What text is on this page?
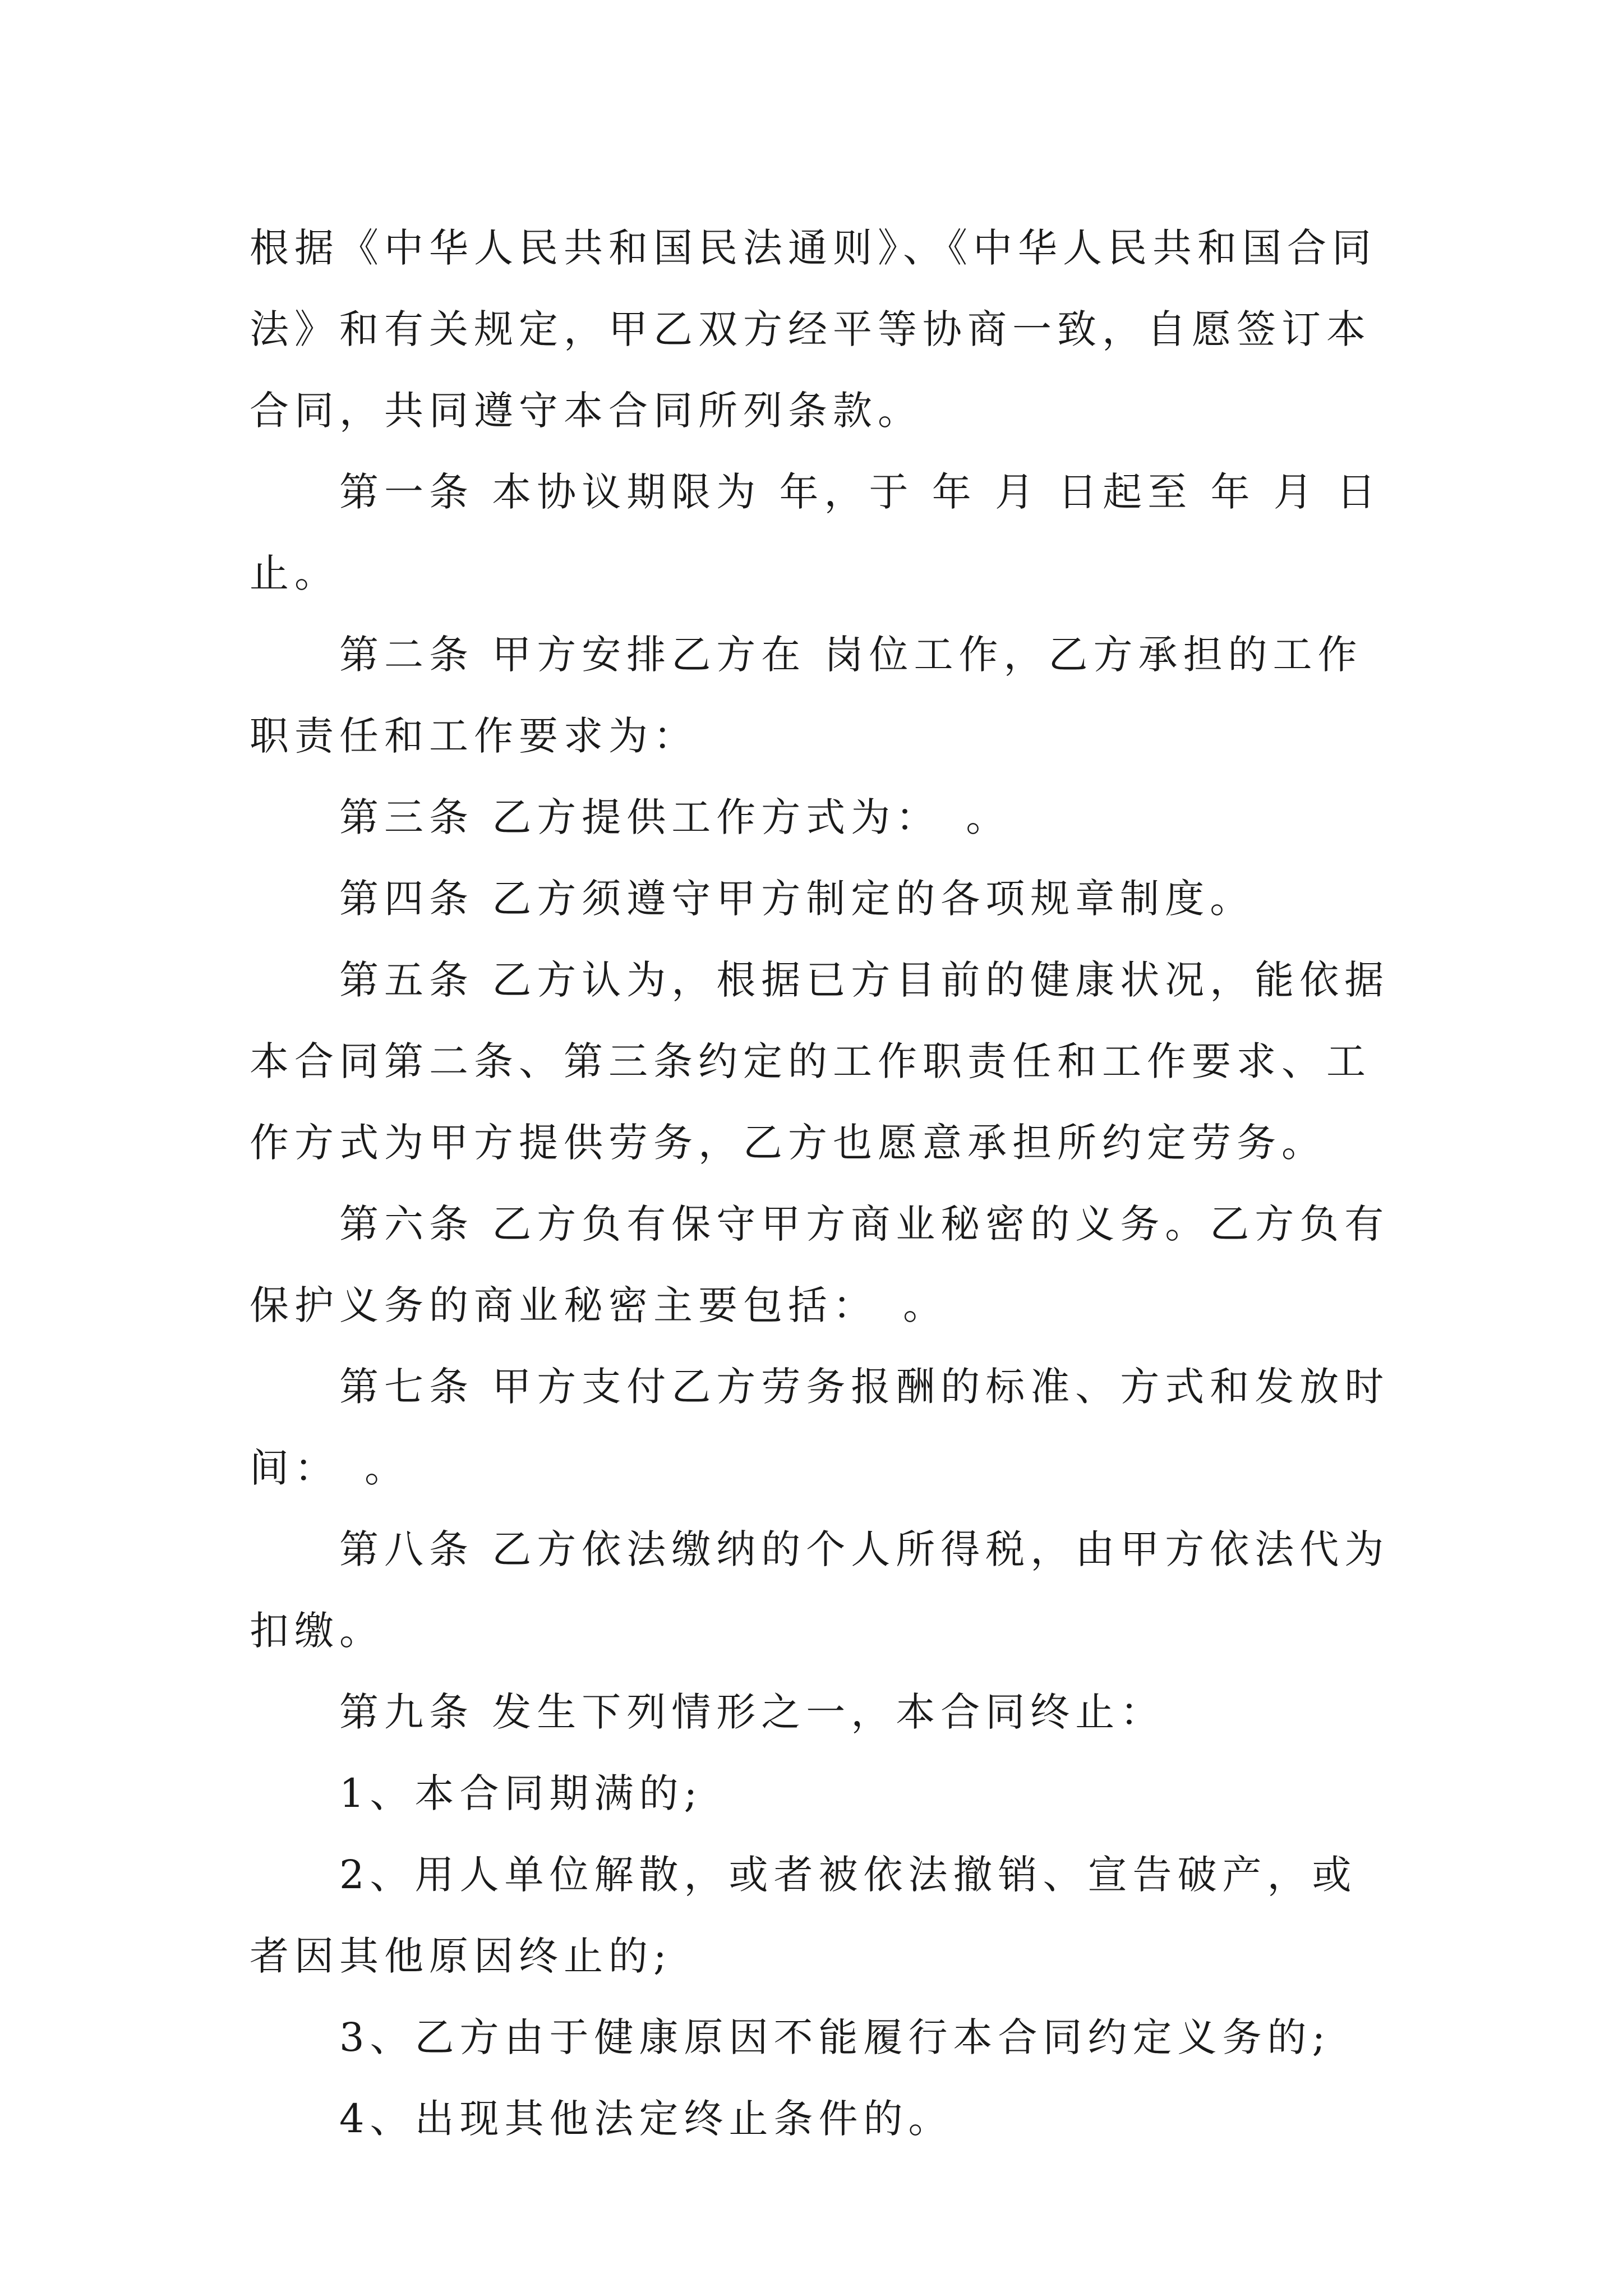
根据《中华人民共和国民法通则》、《中华人民共和国合同法》和有关规定，甲乙双方经平等协商一致，自愿签订本合同，共同遵守本合同所列条款。

第一条 本协议期限为 年，于 年 月 日起至 年 月 日止。

第二条 甲方安排乙方在 岗位工作，乙方承担的工作职责任和工作要求为：

第三条 乙方提供工作方式为：　。

第四条 乙方须遵守甲方制定的各项规章制度。

第五条 乙方认为，根据已方目前的健康状况，能依据本合同第二条、第三条约定的工作职责任和工作要求、工作方式为甲方提供劳务，乙方也愿意承担所约定劳务。

第六条 乙方负有保守甲方商业秘密的义务。乙方负有保护义务的商业秘密主要包括：　。

第七条 甲方支付乙方劳务报酬的标准、方式和发放时间：　。

第八条 乙方依法缴纳的个人所得税，由甲方依法代为扣缴。

第九条 发生下列情形之一，本合同终止：

1、本合同期满的;

2、用人单位解散，或者被依法撤销、宣告破产，或者因其他原因终止的;

3、乙方由于健康原因不能履行本合同约定义务的;

4、出现其他法定终止条件的。
